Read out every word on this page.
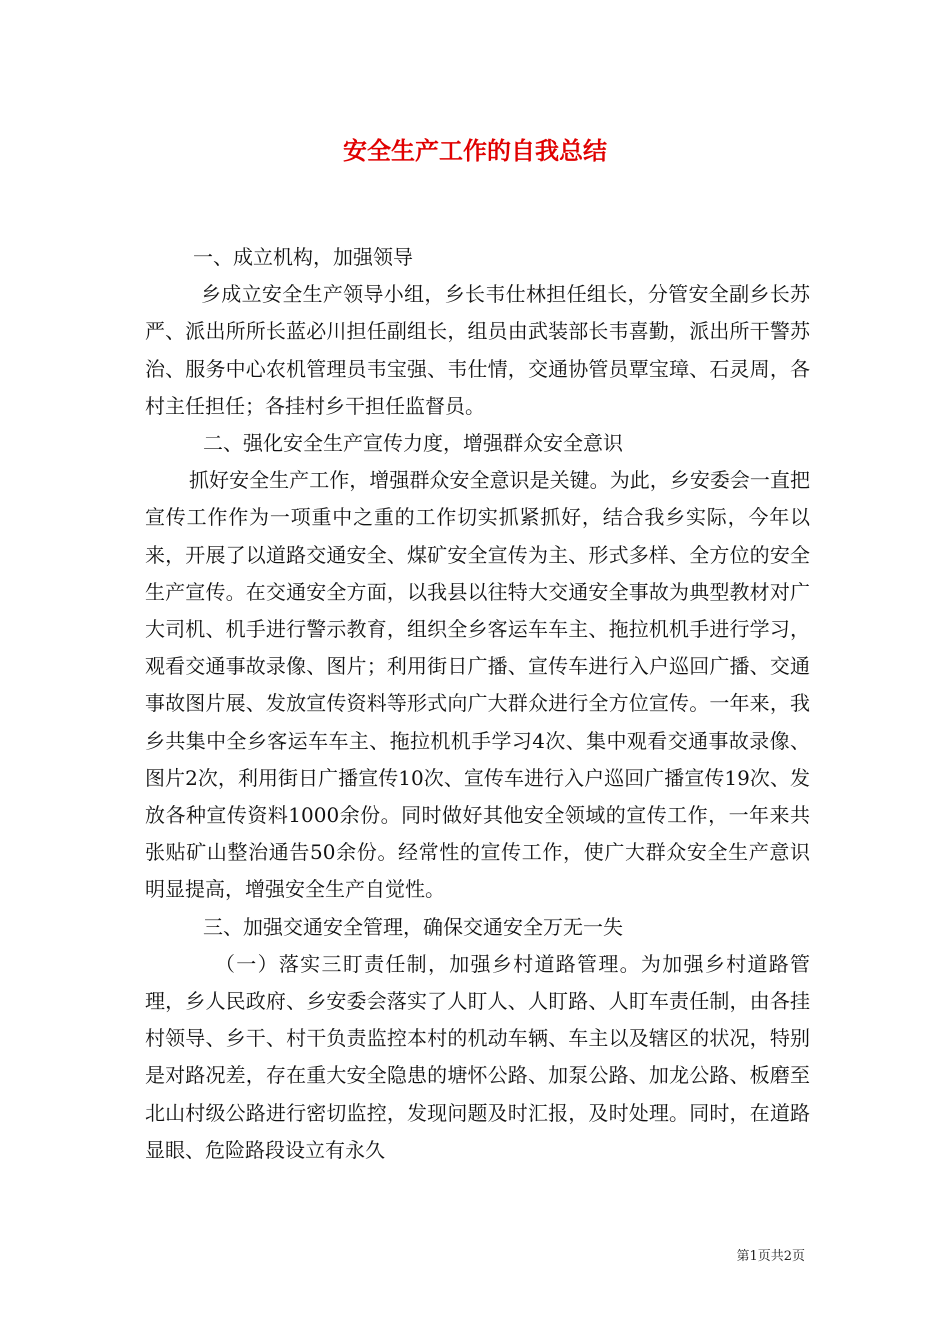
安全生产工作的自我总结

一、成立机构，加强领导

乡成立安全生产领导小组，乡长韦仕林担任组长，分管安全副乡长苏严、派出所所长蓝必川担任副组长，组员由武装部长韦喜勤，派出所干警苏治、服务中心农机管理员韦宝强、韦仕情，交通协管员覃宝璋、石灵周，各村主任担任；各挂村乡干担任监督员。

二、强化安全生产宣传力度，增强群众安全意识

抓好安全生产工作，增强群众安全意识是关键。为此，乡安委会一直把宣传工作作为一项重中之重的工作切实抓紧抓好，结合我乡实际，今年以来，开展了以道路交通安全、煤矿安全宣传为主、形式多样、全方位的安全生产宣传。在交通安全方面，以我县以往特大交通安全事故为典型教材对广大司机、机手进行警示教育，组织全乡客运车车主、拖拉机机手进行学习，观看交通事故录像、图片；利用街日广播、宣传车进行入户巡回广播、交通事故图片展、发放宣传资料等形式向广大群众进行全方位宣传。一年来，我乡共集中全乡客运车车主、拖拉机机手学习4次、集中观看交通事故录像、图片2次，利用街日广播宣传10次、宣传车进行入户巡回广播宣传19次、发放各种宣传资料1000余份。同时做好其他安全领域的宣传工作，一年来共张贴矿山整治通告50余份。经常性的宣传工作，使广大群众安全生产意识明显提高，增强安全生产自觉性。

三、加强交通安全管理，确保交通安全万无一失

（一）落实三盯责任制，加强乡村道路管理。为加强乡村道路管理，乡人民政府、乡安委会落实了人盯人、人盯路、人盯车责任制，由各挂村领导、乡干、村干负责监控本村的机动车辆、车主以及辖区的状况，特别是对路况差，存在重大安全隐患的塘怀公路、加泵公路、加龙公路、板磨至北山村级公路进行密切监控，发现问题及时汇报，及时处理。同时，在道路显眼、危险路段设立有永久

第1页共2页
